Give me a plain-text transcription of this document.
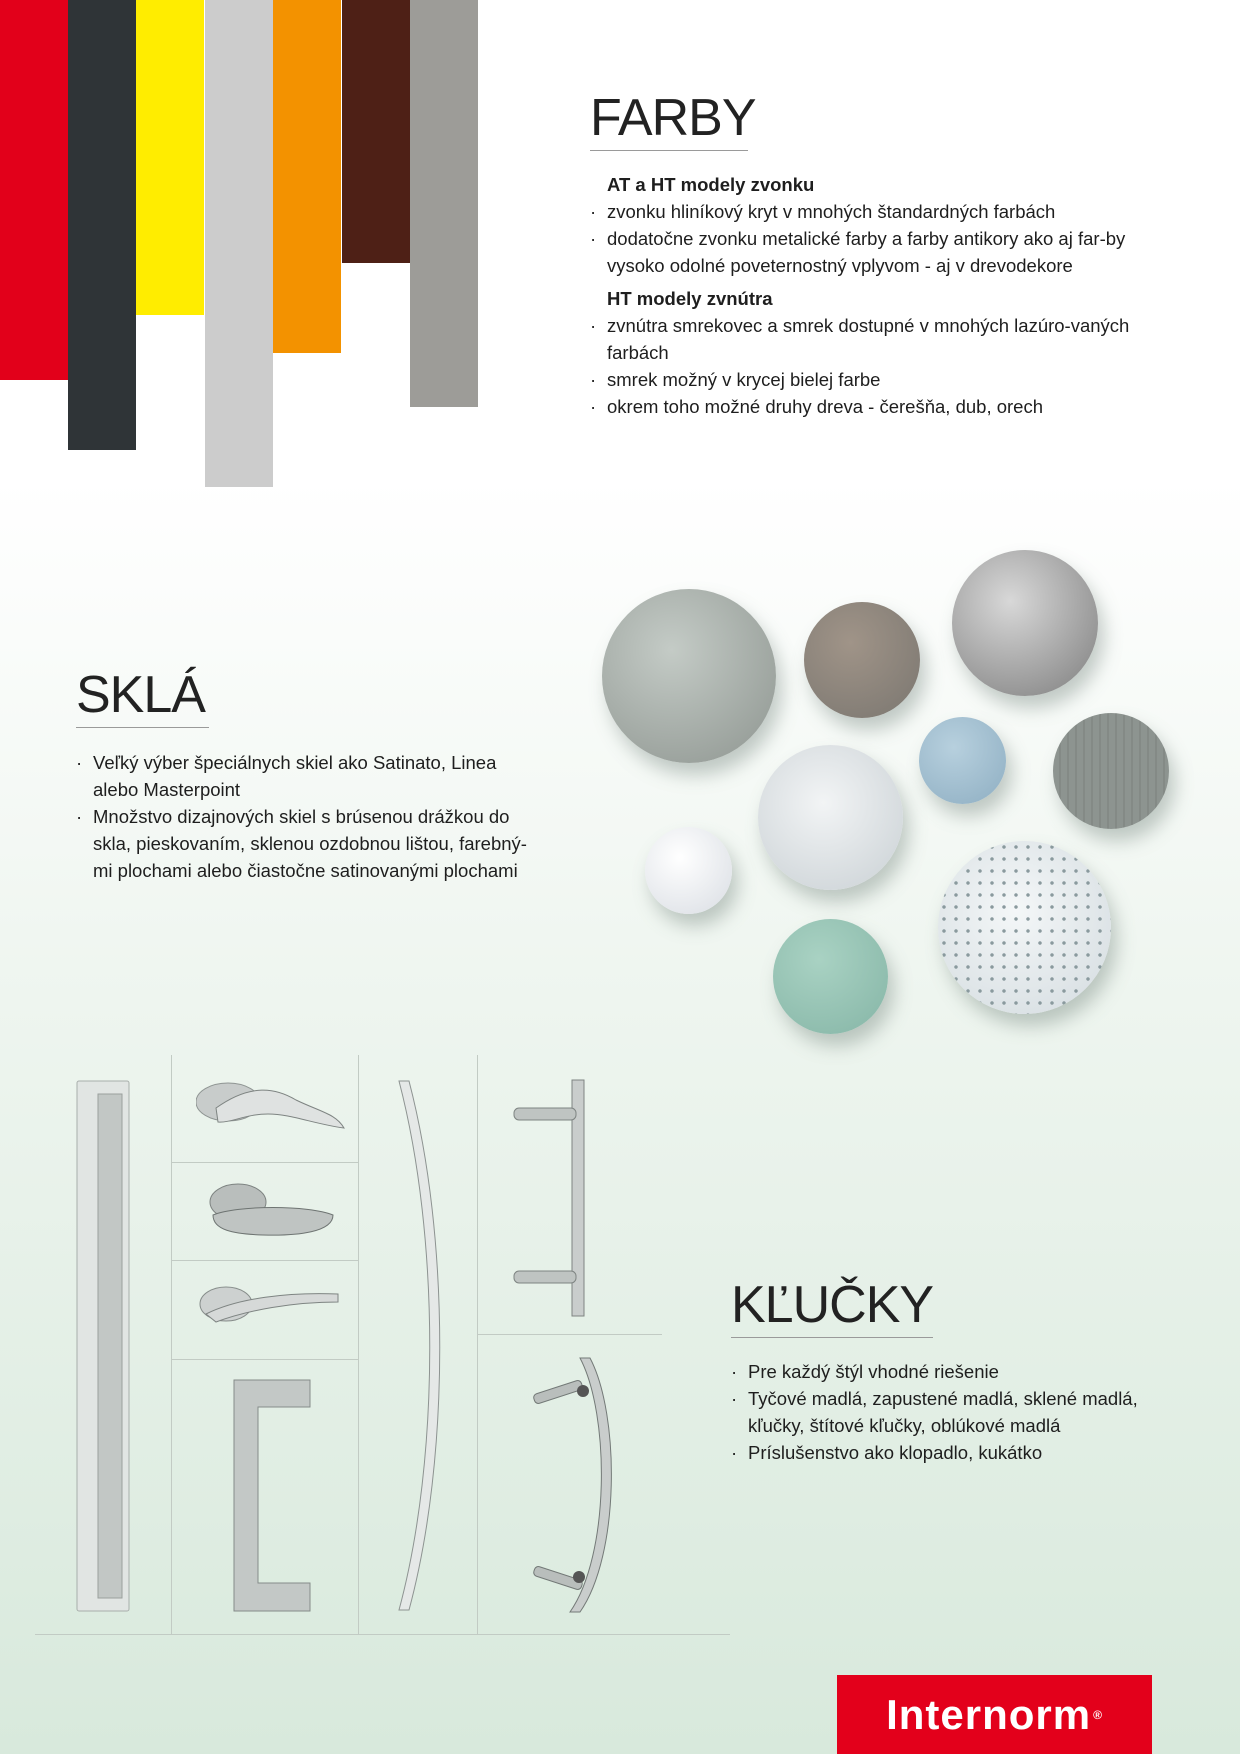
FARBY
AT a HT modely zvonku
· zvonku hliníkový kryt v mnohých štandardných farbách
· dodatočne zvonku metalické farby a farby antikory ako aj far-by vysoko odolné poveternostný vplyvom - aj v drevodekore
HT modely zvnútra
· zvnútra smrekovec a smrek dostupné v mnohých lazúro-vaných farbách
· smrek možný v krycej bielej farbe
· okrem toho možné druhy dreva - čerešňa, dub, orech
SKLÁ
· Veľký výber špeciálnych skiel ako Satinato, Linea alebo Masterpoint
· Množstvo dizajnových skiel s brúsenou drážkou do skla, pieskovaním, sklenou ozdobnou lištou, farebný-mi plochami alebo čiastočne satinovanými plochami
KĽUČKY
· Pre každý štýl vhodné riešenie
· Tyčové madlá, zapustené madlá, sklené madlá, kľučky, štítové kľučky, oblúkové madlá
· Príslušenstvo ako klopadlo, kukátko
Internorm ®
